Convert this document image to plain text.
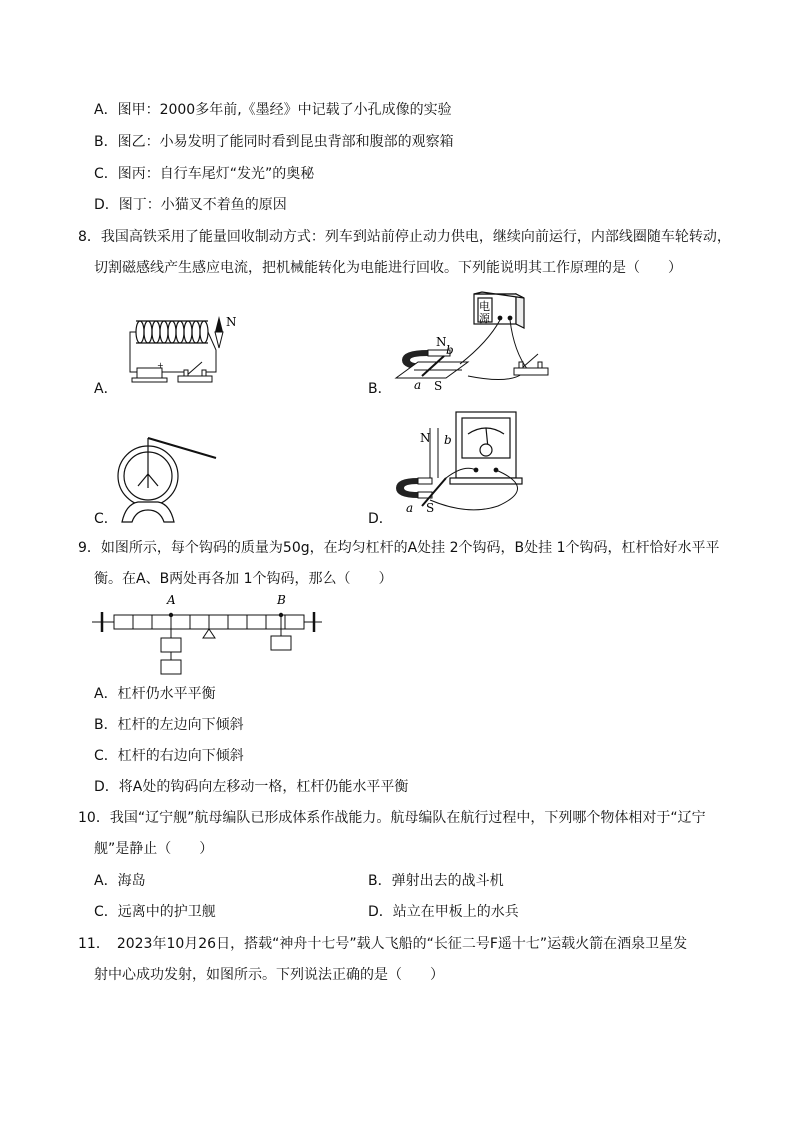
A．图甲：2000多年前,《墨经》中记载了小孔成像的实验
B．图乙：小易发明了能同时看到昆虫背部和腹部的观察箱
C．图丙：自行车尾灯“发光”的奥秘
D．图丁：小猫叉不着鱼的原因
8．我国高铁采用了能量回收制动方式：列车到站前停止动力供电，继续向前运行，内部线圈随车轮转动，
切割磁感线产生感应电流，把机械能转化为电能进行回收。下列能说明其工作原理的是（　　）
A．	B．
C．	D．
N
+
电
源
N
S
b
a
N b
S
a
9．如图所示，每个钩码的质量为50g，在均匀杠杆的A处挂 2个钩码，B处挂 1个钩码，杠杆恰好水平平
衡。在A、B两处再各加 1个钩码，那么（　　）
A	B
A．杠杆仍水平平衡
B．杠杆的左边向下倾斜
C．杠杆的右边向下倾斜
D．将A处的钩码向左移动一格，杠杆仍能水平平衡
10．我国“辽宁舰”航母编队已形成体系作战能力。航母编队在航行过程中，下列哪个物体相对于“辽宁
舰”是静止（　　）
A．海岛	B．弹射出去的战斗机
C．远离中的护卫舰	D．站立在甲板上的水兵
11．　2023年10月26日，搭载“神舟十七号”载人飞船的“长征二号F遥十七”运载火箭在酒泉卫星发
射中心成功发射，如图所示。下列说法正确的是（　　）
